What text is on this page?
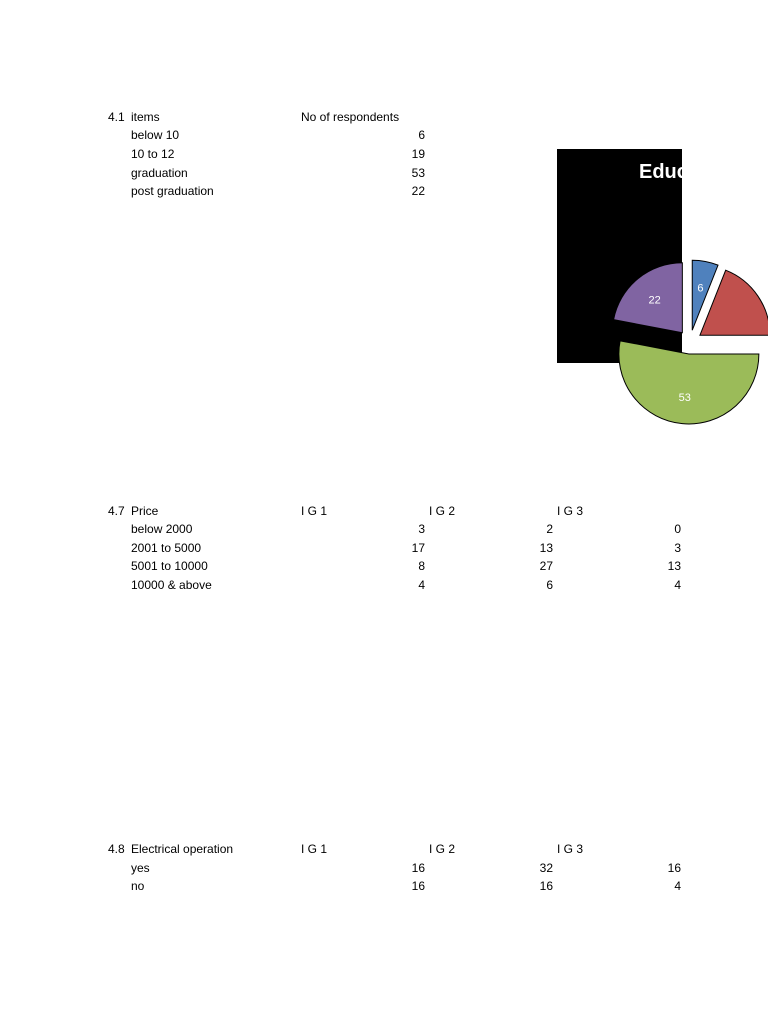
4.1 items	No of respondents
below 10	6
10 to 12	19
graduation	53
post graduation	22
Educ
6
53
22
4.7 Price	I G 1	I G 2	I G 3
below 2000	3	2	0
2001 to 5000	17	13	3
5001 to 10000	8	27	13
10000 & above	4	6	4
4.8 Electrical operation	I G 1	I G 2	I G 3
yes	16	32	16
no	16	16	4
